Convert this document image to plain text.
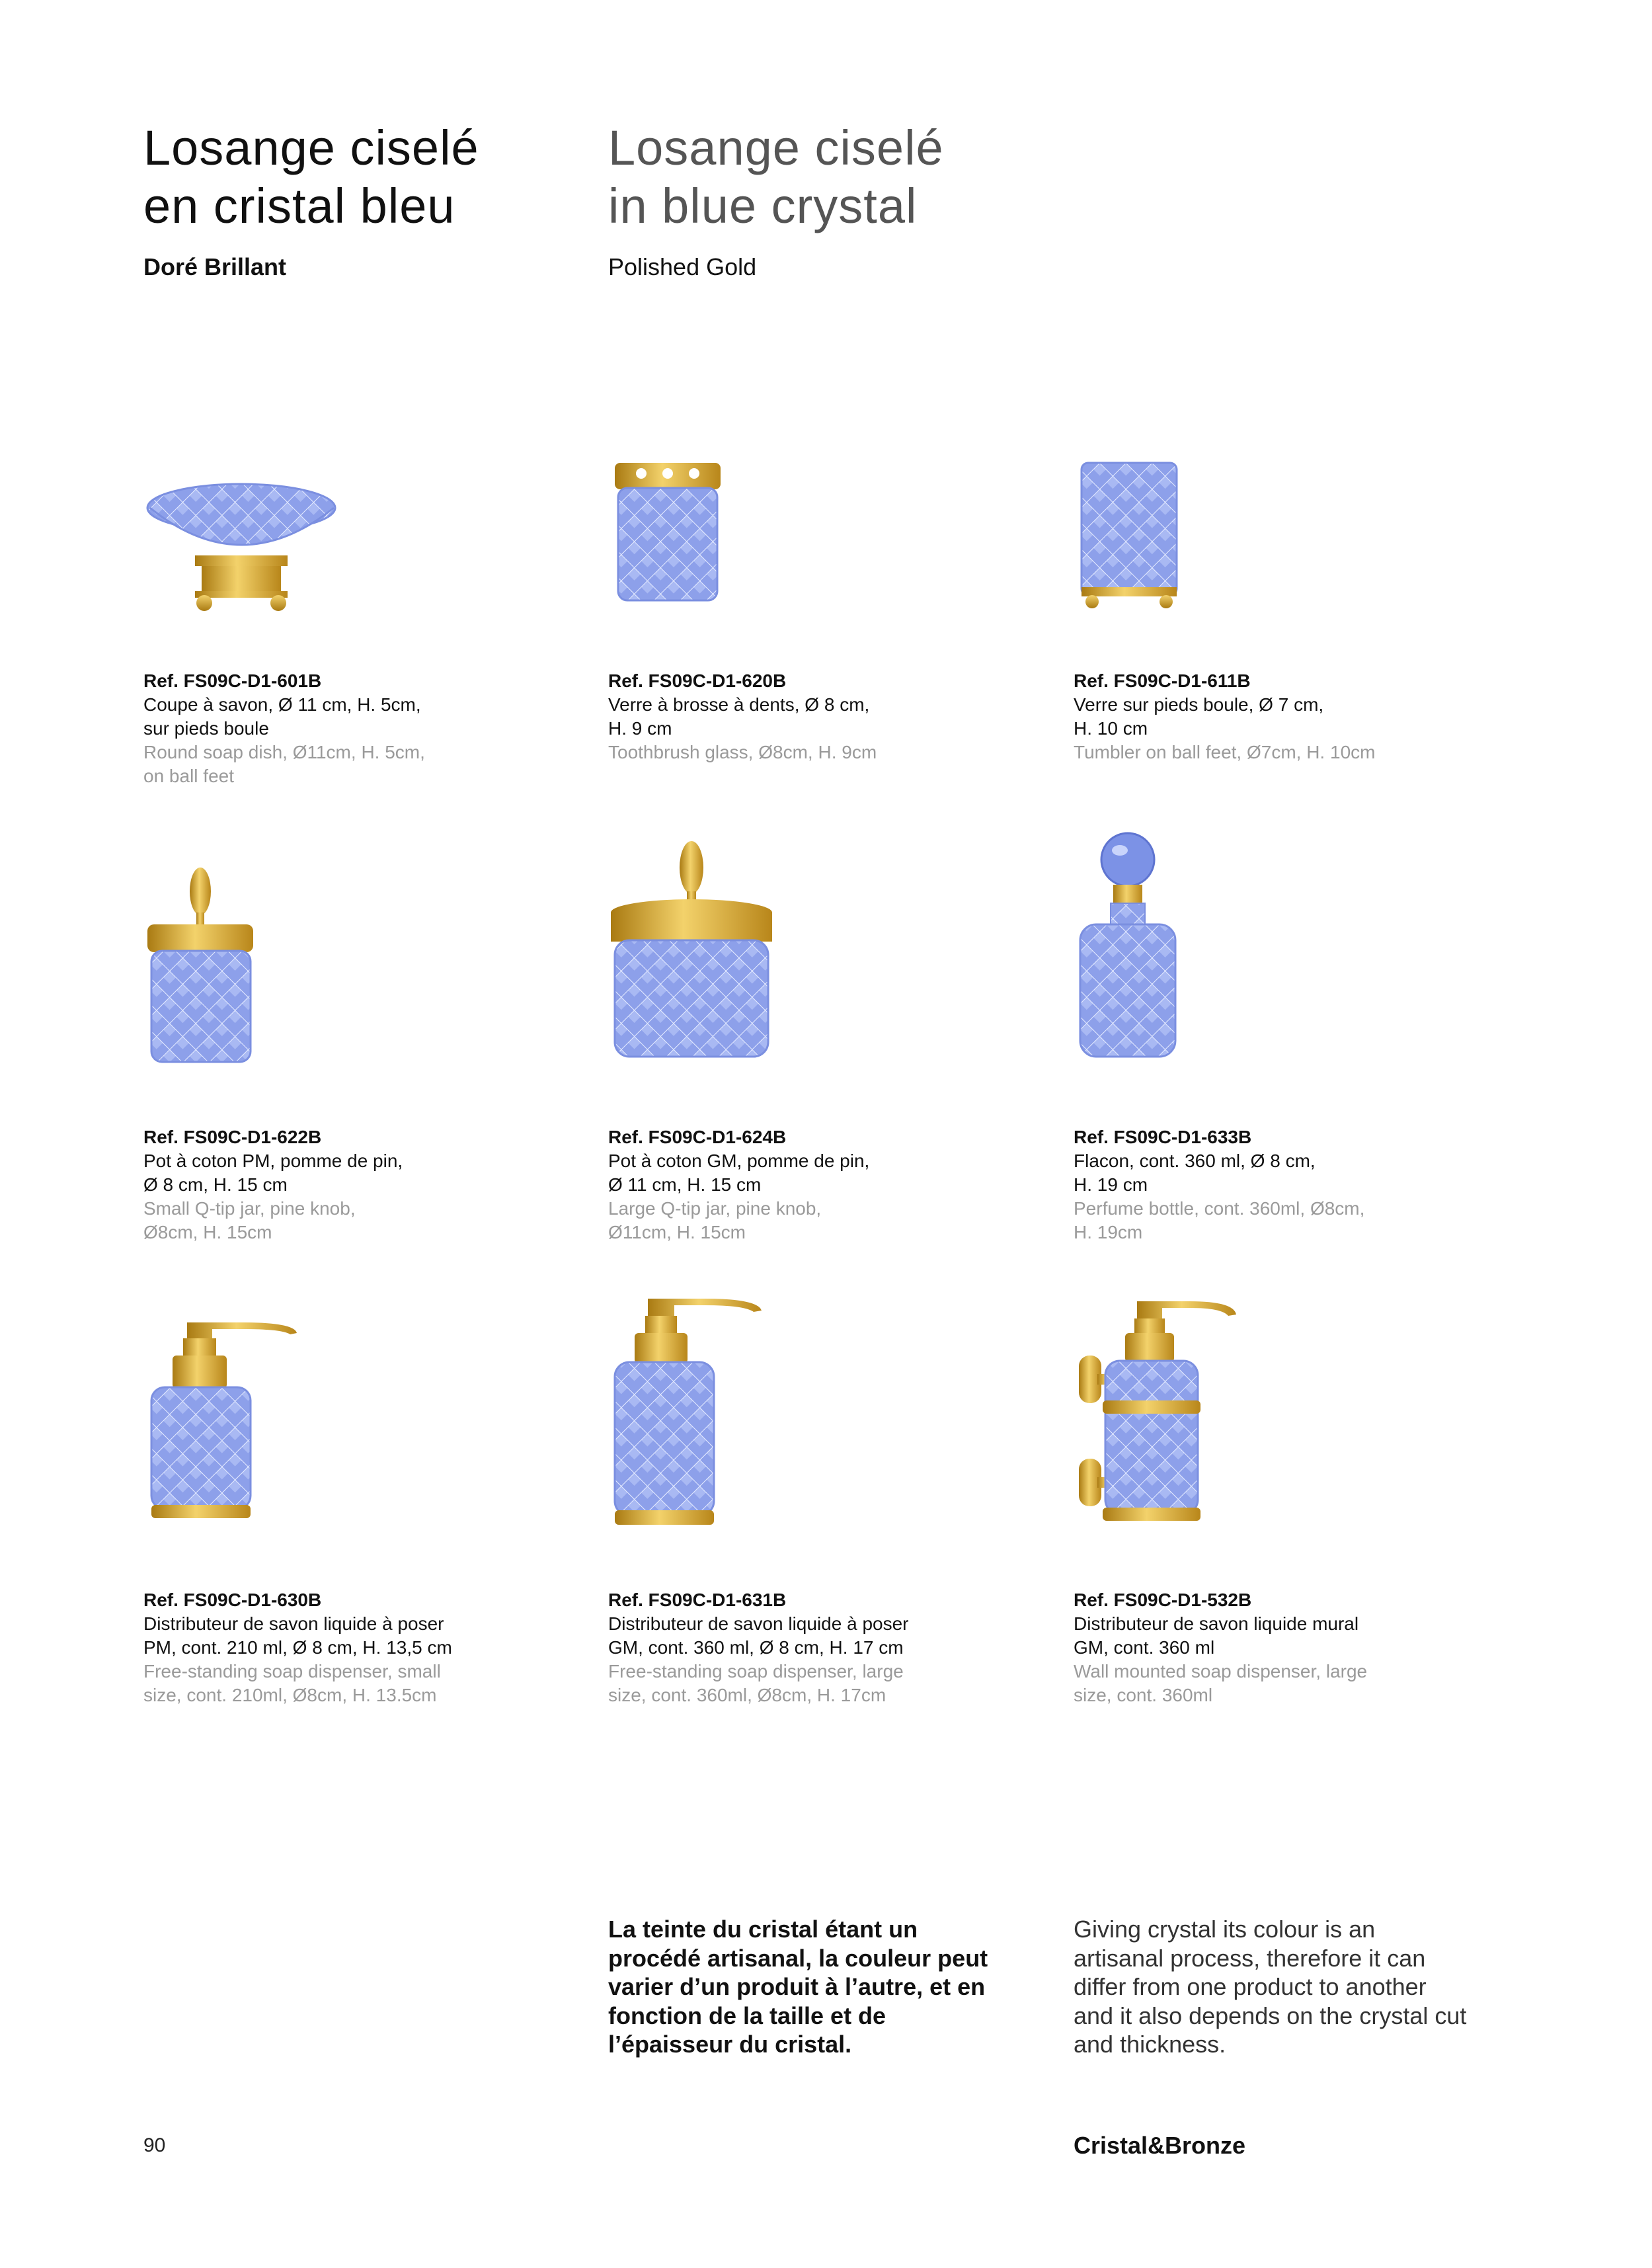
Losange ciselé
en cristal bleu
Losange ciselé
in blue crystal
Doré Brillant	Polished Gold
Ref. FS09C-D1-601B
Coupe à savon, Ø 11 cm, H. 5cm,
sur pieds boule
Round soap dish, Ø11cm, H. 5cm,
on ball feet
Ref. FS09C-D1-620B
Verre à brosse à dents, Ø 8 cm,
H. 9 cm
Toothbrush glass, Ø8cm, H. 9cm
Ref. FS09C-D1-611B
Verre sur pieds boule, Ø 7 cm,
H. 10 cm
Tumbler on ball feet, Ø7cm, H. 10cm
Ref. FS09C-D1-622B
Pot à coton PM, pomme de pin,
Ø 8 cm, H. 15 cm
Small Q-tip jar, pine knob,
Ø8cm, H. 15cm
Ref. FS09C-D1-624B
Pot à coton GM, pomme de pin,
Ø 11 cm, H. 15 cm
Large Q-tip jar, pine knob,
Ø11cm, H. 15cm
Ref. FS09C-D1-633B
Flacon, cont. 360 ml, Ø 8 cm,
H. 19 cm
Perfume bottle, cont. 360ml, Ø8cm,
H. 19cm
Ref. FS09C-D1-630B
Distributeur de savon liquide à poser
PM, cont. 210 ml, Ø 8 cm, H. 13,5 cm
Free-standing soap dispenser, small
size, cont. 210ml, Ø8cm, H. 13.5cm
Ref. FS09C-D1-631B
Distributeur de savon liquide à poser
GM, cont. 360 ml, Ø 8 cm, H. 17 cm
Free-standing soap dispenser, large
size, cont. 360ml, Ø8cm, H. 17cm
Ref. FS09C-D1-532B
Distributeur de savon liquide mural
GM, cont. 360 ml
Wall mounted soap dispenser, large
size, cont. 360ml
La teinte du cristal étant un procédé artisanal, la couleur peut varier d’un produit à l’autre, et en fonction de la taille et de l’épaisseur du cristal.
Giving crystal its colour is an artisanal process, therefore it can differ from one product to another and it also depends on the crystal cut and thickness.
90	Cristal&Bronze
